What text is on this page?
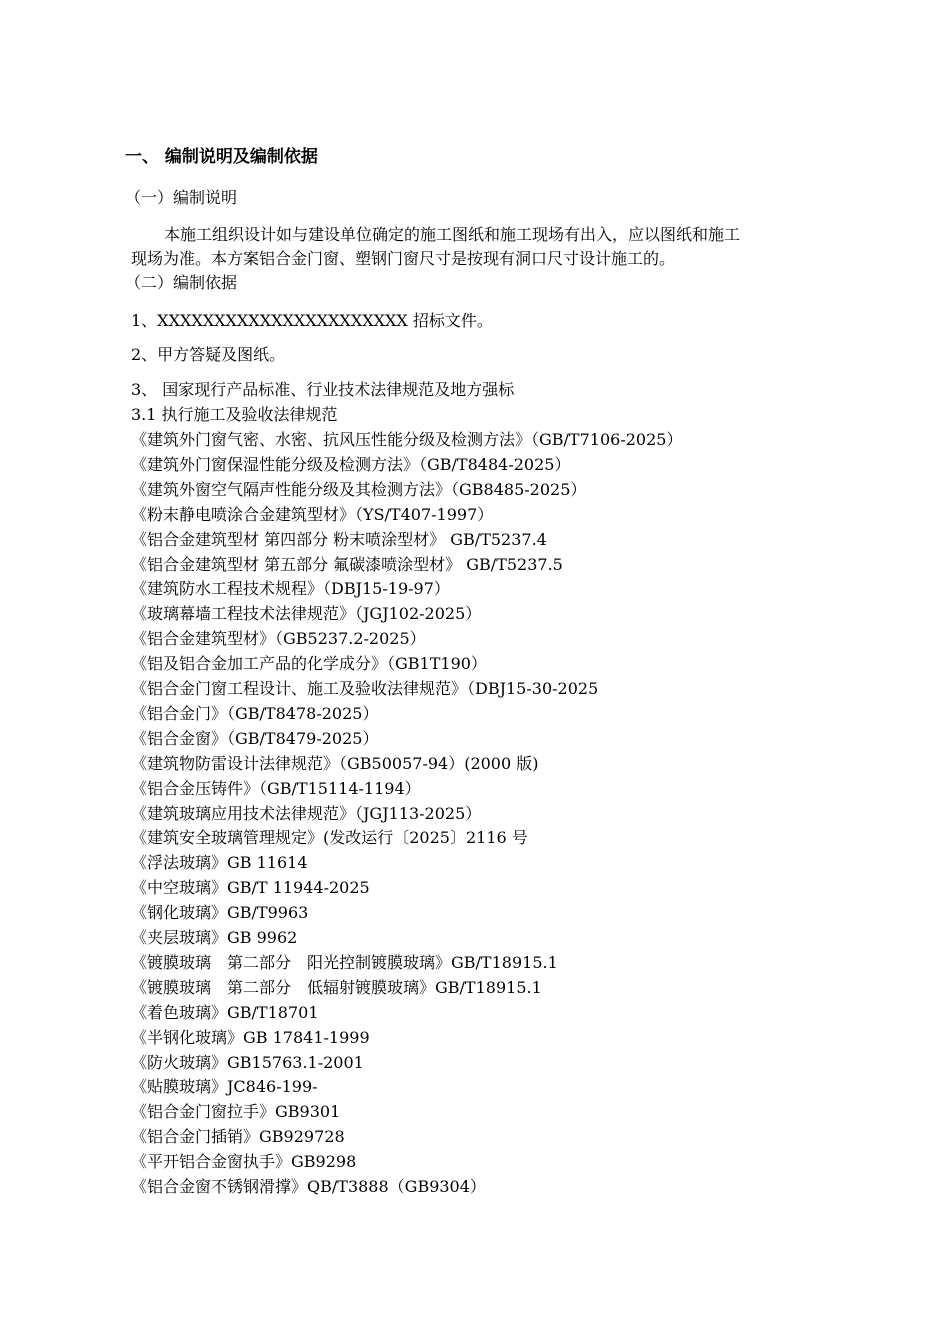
一、 编制说明及编制依据
（一）编制说明
本施工组织设计如与建设单位确定的施工图纸和施工现场有出入，应以图纸和施工
现场为准。本方案铝合金门窗、塑钢门窗尺寸是按现有洞口尺寸设计施工的。
（二）编制依据
1、XXXXXXXXXXXXXXXXXXXXXX 招标文件。
2、甲方答疑及图纸。
3、 国家现行产品标准、行业技术法律规范及地方强标
3.1 执行施工及验收法律规范
《建筑外门窗气密、水密、抗风压性能分级及检测方法》（GB/T7106-2025）
《建筑外门窗保湿性能分级及检测方法》（GB/T8484-2025）
《建筑外窗空气隔声性能分级及其检测方法》（GB8485-2025）
《粉末静电喷涂合金建筑型材》（YS/T407-1997）
《铝合金建筑型材 第四部分 粉末喷涂型材》 GB/T5237.4
《铝合金建筑型材 第五部分 氟碳漆喷涂型材》 GB/T5237.5
《建筑防水工程技术规程》（DBJ15-19-97）
《玻璃幕墙工程技术法律规范》（JGJ102-2025）
《铝合金建筑型材》（GB5237.2-2025）
《铝及铝合金加工产品的化学成分》（GB1T190）
《铝合金门窗工程设计、施工及验收法律规范》（DBJ15-30-2025
《铝合金门》（GB/T8478-2025）
《铝合金窗》（GB/T8479-2025）
《建筑物防雷设计法律规范》（GB50057-94）(2000 版)
《铝合金压铸件》（GB/T15114-1194）
《建筑玻璃应用技术法律规范》（JGJ113-2025）
《建筑安全玻璃管理规定》(发改运行〔2025〕2116 号
《浮法玻璃》GB 11614
《中空玻璃》GB/T 11944-2025
《钢化玻璃》GB/T9963
《夹层玻璃》GB 9962
《镀膜玻璃　第二部分　阳光控制镀膜玻璃》GB/T18915.1
《镀膜玻璃　第二部分　低辐射镀膜玻璃》GB/T18915.1
《着色玻璃》GB/T18701
《半钢化玻璃》GB 17841-1999
《防火玻璃》GB15763.1-2001
《贴膜玻璃》JC846-199-
《铝合金门窗拉手》GB9301
《铝合金门插销》GB929728
《平开铝合金窗执手》GB9298
《铝合金窗不锈钢滑撑》QB/T3888（GB9304）
